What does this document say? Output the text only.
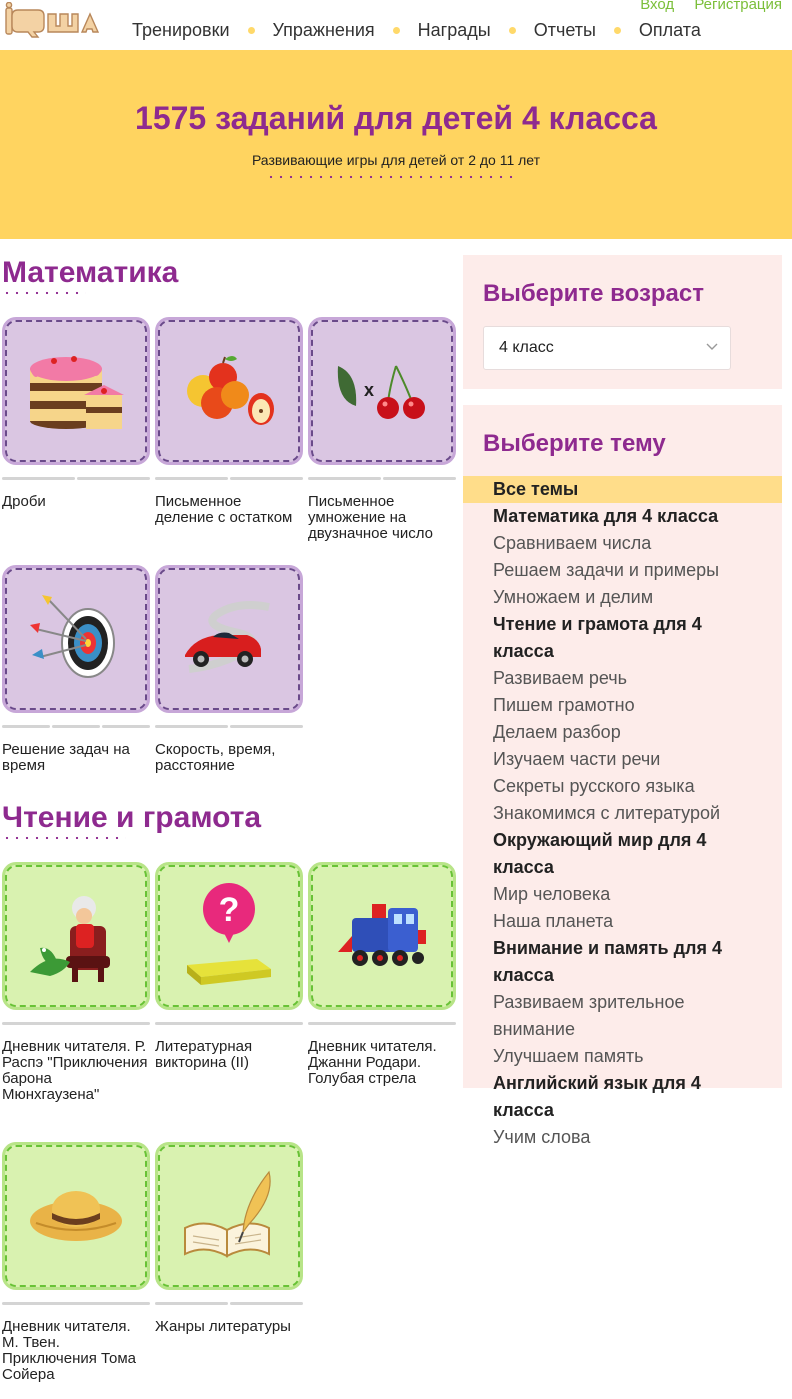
Вход Регистрация
Тренировки Упражнения Награды Отчеты Оплата
1575 заданий для детей 4 класса
Развивающие игры для детей от 2 до 11 лет
Математика
Дроби	Письменное деление с остатком
x
Письменное умножение на двузначное число
Решение задач на время
Скорость, время, расстояние
Чтение и грамота
Дневник читателя. Р. Распэ "Приключения барона Мюнхгаузена"
?
Литературная викторина (II)
Дневник читателя. Джанни Родари. Голубая стрела
Дневник читателя. М. Твен. Приключения Тома Сойера
Жанры литературы
Выберите возраст
4 класс
Выберите тему
Все темы
Математика для 4 класса
Сравниваем числа
Решаем задачи и примеры
Умножаем и делим
Чтение и грамота для 4 класса
Развиваем речь
Пишем грамотно
Делаем разбор
Изучаем части речи
Секреты русского языка
Знакомимся с литературой
Окружающий мир для 4 класса
Мир человека
Наша планета
Внимание и память для 4 класса
Развиваем зрительное внимание
Улучшаем память
Английский язык для 4 класса
Учим слова
